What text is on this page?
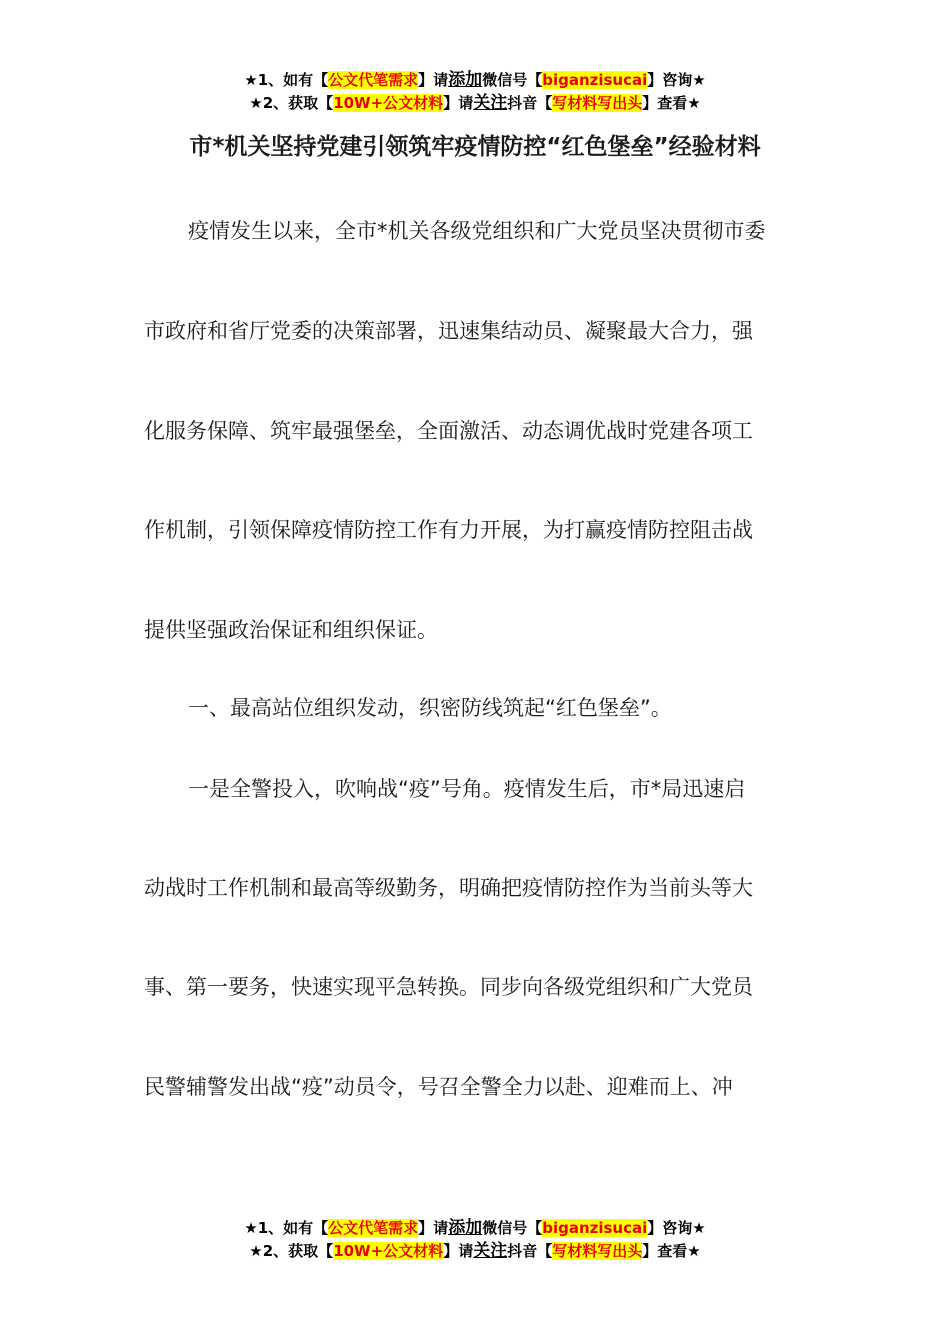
★1、如有【公文代笔需求】请添加微信号【biganzisucai】咨询★
★2、获取【10W+公文材料】请关注抖音【写材料写出头】查看★
市*机关坚持党建引领筑牢疫情防控“红色堡垒”经验材料
疫情发生以来，全市*机关各级党组织和广大党员坚决贯彻市委
市政府和省厅党委的决策部署，迅速集结动员、凝聚最大合力，强
化服务保障、筑牢最强堡垒，全面激活、动态调优战时党建各项工
作机制，引领保障疫情防控工作有力开展，为打赢疫情防控阻击战
提供坚强政治保证和组织保证。
一、最高站位组织发动，织密防线筑起“红色堡垒”。
一是全警投入，吹响战“疫”号角。疫情发生后，市*局迅速启
动战时工作机制和最高等级勤务，明确把疫情防控作为当前头等大
事、第一要务，快速实现平急转换。同步向各级党组织和广大党员
民警辅警发出战“疫”动员令，号召全警全力以赴、迎难而上、冲
★1、如有【公文代笔需求】请添加微信号【biganzisucai】咨询★
★2、获取【10W+公文材料】请关注抖音【写材料写出头】查看★
